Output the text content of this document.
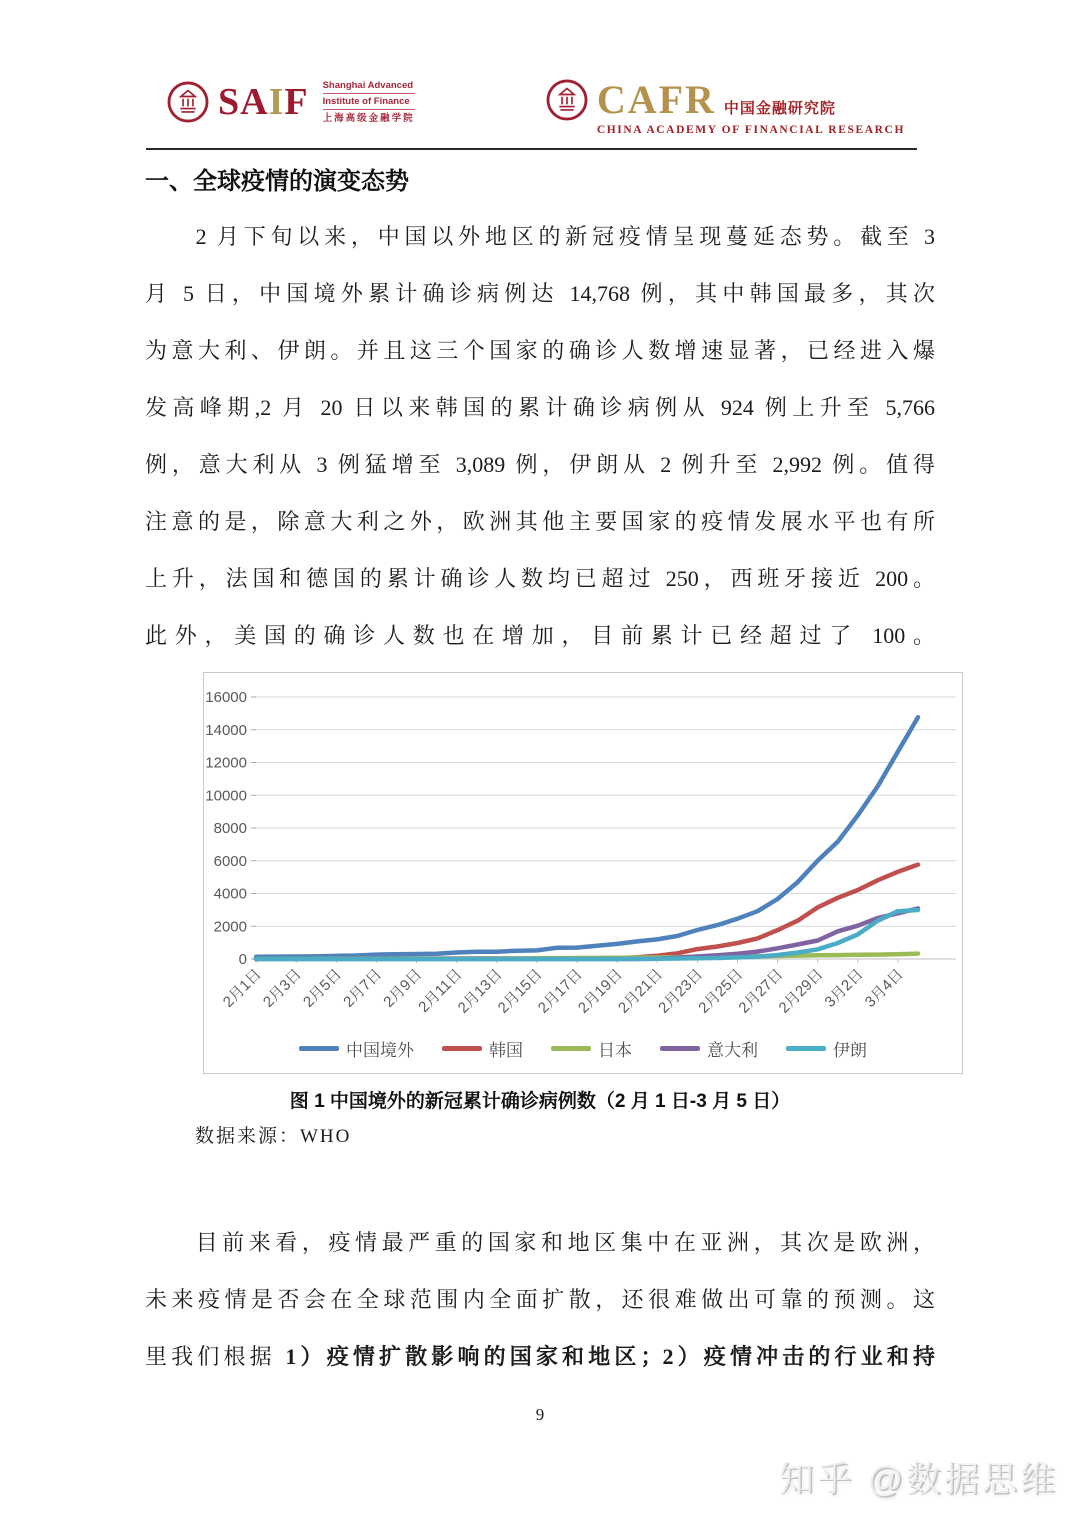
SAIF Shanghai Advanced
Institute of Finance
上海高级金融学院	CAFR 中国金融研究院
CHINA ACADEMY OF FINANCIAL RESEARCH
一、全球疫情的演变态势
2 月下旬以来，中国以外地区的新冠疫情呈现蔓延态势。截至 3
月 5 日，中国境外累计确诊病例达 14,768 例，其中韩国最多，其次
为意大利、伊朗。并且这三个国家的确诊人数增速显著，已经进入爆
发高峰期,2 月 20 日以来韩国的累计确诊病例从 924 例上升至 5,766
例，意大利从 3 例猛增至 3,089 例，伊朗从 2 例升至 2,992 例。值得
注意的是，除意大利之外，欧洲其他主要国家的疫情发展水平也有所
上升，法国和德国的累计确诊人数均已超过 250，西班牙接近 200。
此外，美国的确诊人数也在增加，目前累计已经超过了 100。
0
2000
4000
6000
8000
10000
12000
14000
16000
2月1日
2月3日
2月5日
2月7日
2月9日
2月11日
2月13日
2月15日
2月17日
2月19日
2月21日
2月23日
2月25日
2月27日
2月29日
3月2日
3月4日
中国境外	韩国	日本	意大利	伊朗
图 1 中国境外的新冠累计确诊病例数（2 月 1 日-3 月 5 日）
数据来源：WHO
目前来看，疫情最严重的国家和地区集中在亚洲，其次是欧洲，
未来疫情是否会在全球范围内全面扩散，还很难做出可靠的预测。这
里我们根据 1）疫情扩散影响的国家和地区；2）疫情冲击的行业和持
9
知乎 @数据思维
